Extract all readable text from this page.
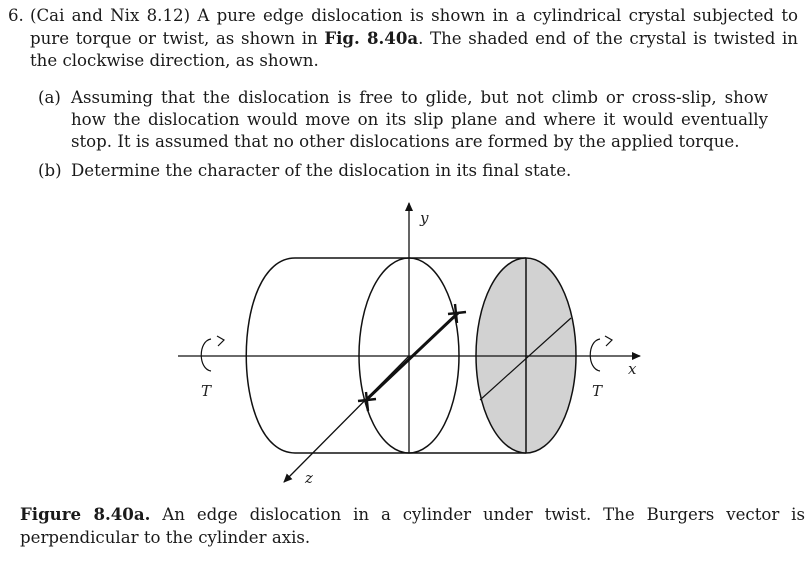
6. (Cai and Nix 8.12) A pure edge dislocation is shown in a cylindrical crystal subjected to pure torque or twist, as shown in Fig. 8.40a. The shaded end of the crystal is twisted in the clockwise direction, as shown.
(a) Assuming that the dislocation is free to glide, but not climb or cross-slip, show how the dislocation would move on its slip plane and where it would eventually stop. It is assumed that no other dislocations are formed by the applied torque.
(b) Determine the character of the dislocation in its final state.
y
x
z
T	T
Figure 8.40a. An edge dislocation in a cylinder under twist. The Burgers vector is perpendicular to the cylinder axis.
